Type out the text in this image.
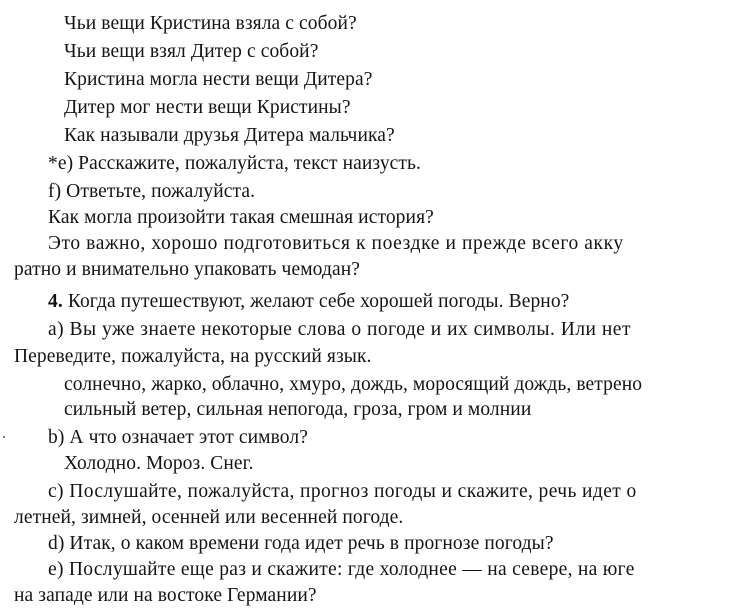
Чьи вещи Кристина взяла с собой?
Чьи вещи взял Дитер с собой?
Кристина могла нести вещи Дитера?
Дитер мог нести вещи Кристины?
Как называли друзья Дитера мальчика?
*e) Расскажите, пожалуйста, текст наизусть.
f) Ответьте, пожалуйста.
Как могла произойти такая смешная история?
Это важно, хорошо подготовиться к поездке и прежде всего акку
ратно и внимательно упаковать чемодан?
4. Когда путешествуют, желают себе хорошей погоды. Верно?
а) Вы уже знаете некоторые слова о погоде и их символы. Или нет
Переведите, пожалуйста, на русский язык.
солнечно, жарко, облачно, хмуро, дождь, моросящий дождь, ветрено
сильный ветер, сильная непогода, гроза, гром и молнии
b) А что означает этот символ?
Холодно. Мороз. Снег.
c) Послушайте, пожалуйста, прогноз погоды и скажите, речь идет о
летней, зимней, осенней или весенней погоде.
d) Итак, о каком времени года идет речь в прогнозе погоды?
e) Послушайте еще раз и скажите: где холоднее — на севере, на юге
на западе или на востоке Германии?
